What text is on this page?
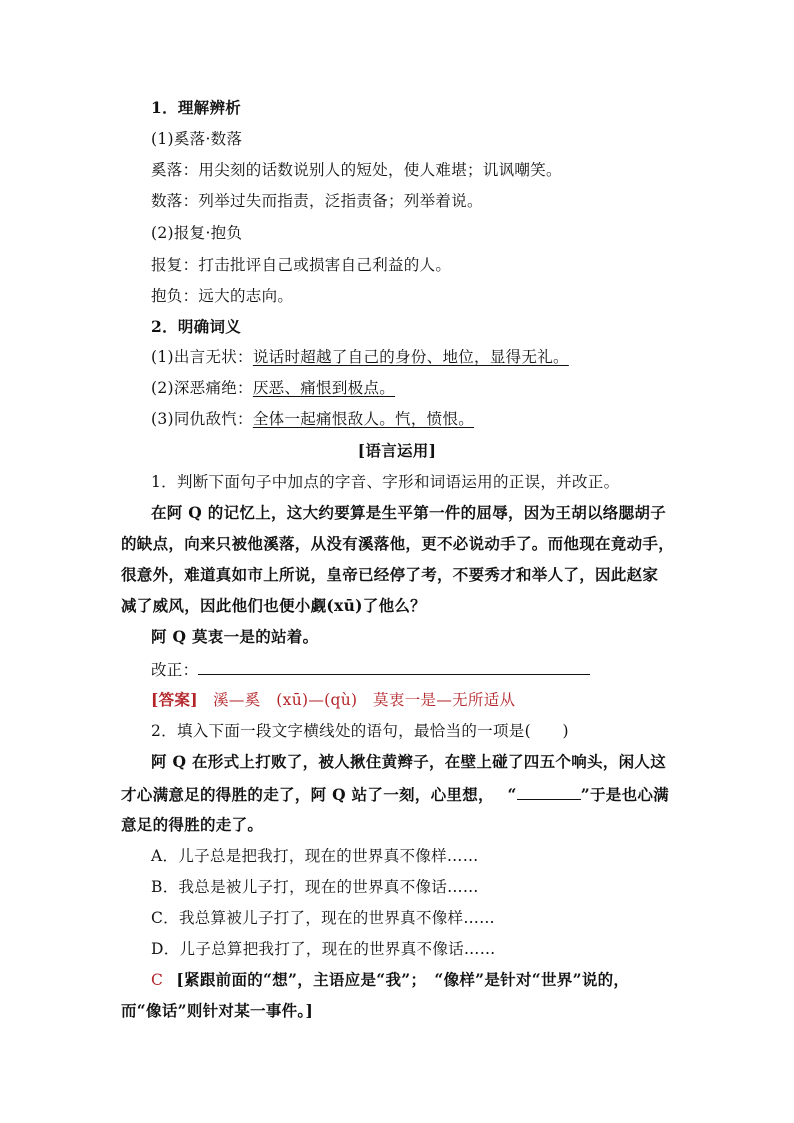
1．理解辨析
(1)奚落·数落
奚落：用尖刻的话数说别人的短处，使人难堪；讥讽嘲笑。
数落：列举过失而指责，泛指责备；列举着说。
(2)报复·抱负
报复：打击批评自己或损害自己利益的人。
抱负：远大的志向。
2．明确词义
(1)出言无状：说话时超越了自己的身份、地位，显得无礼。
(2)深恶痛绝：厌恶、痛恨到极点。
(3)同仇敌忾：全体一起痛恨敌人。忾，愤恨。
[语言运用]
1．判断下面句子中加点的字音、字形和词语运用的正误，并改正。
在阿 Q 的记忆上，这大约要算是生平第一件的屈辱，因为王胡以络腮胡子
的缺点，向来只被他溪落，从没有溪落他，更不必说动手了。而他现在竟动手，
很意外，难道真如市上所说，皇帝已经停了考，不要秀才和举人了，因此赵家
减了威风，因此他们也便小觑(xū)了他么？
阿 Q 莫衷一是的站着。
改正：
[答案] 溪—奚　(xū)—(qù)　莫衷一是—无所适从
2．填入下面一段文字横线处的语句，最恰当的一项是(　　)
阿 Q 在形式上打败了，被人揪住黄辫子，在壁上碰了四五个响头，闲人这
才心满意足的得胜的走了，阿 Q 站了一刻，心里想，　 “	”于是也心满
意足的得胜的走了。
A．儿子总是把我打，现在的世界真不像样……
B．我总是被儿子打，现在的世界真不像话……
C．我总算被儿子打了，现在的世界真不像样……
D．儿子总算把我打了，现在的世界真不像话……
C [紧跟前面的“想”，主语应是“我”；　“像样”是针对“世界”说的，
而“像话”则针对某一事件。]
